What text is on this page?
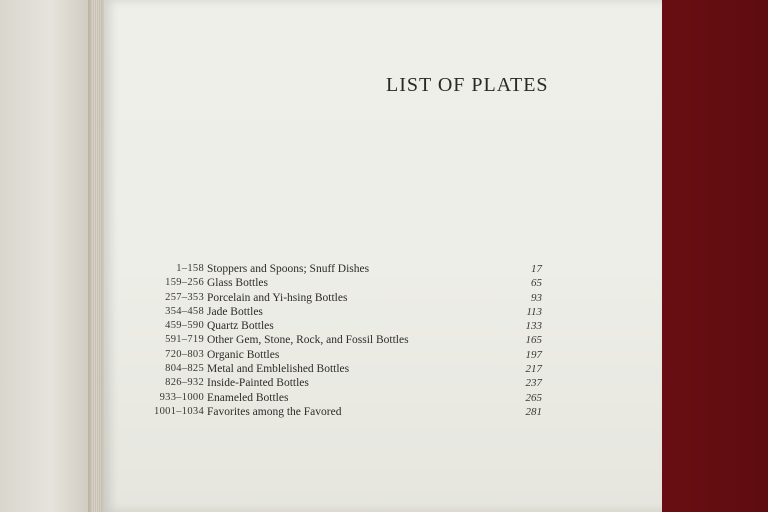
LIST OF PLATES
1–158 Stoppers and Spoons; Snuff Dishes	17
159–256 Glass Bottles	65
257–353 Porcelain and Yi-hsing Bottles	93
354–458 Jade Bottles	113
459–590 Quartz Bottles	133
591–719 Other Gem, Stone, Rock, and Fossil Bottles	165
720–803 Organic Bottles	197
804–825 Metal and Emblelished Bottles	217
826–932 Inside-Painted Bottles	237
933–1000 Enameled Bottles	265
1001–1034 Favorites among the Favored	281
